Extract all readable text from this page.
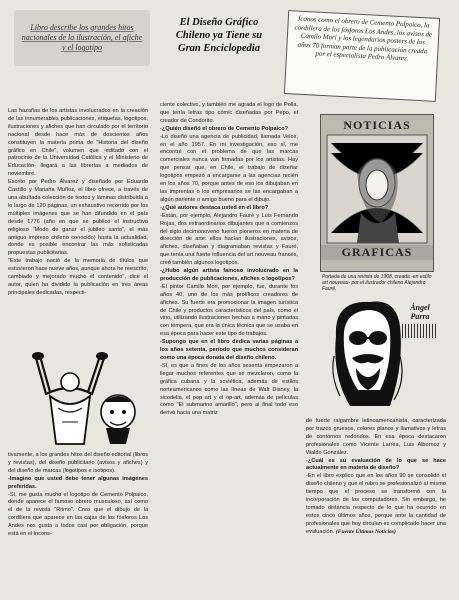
Libro describe los grandes hitos nacionales de la ilustración, el afiche y el logotipo
El Diseño Gráfico Chileno ya Tiene su Gran Enciclopedia
Íconos como el obrero de Cemento Polpaico, la cordillera de los fósforos Los Andes, los avisos de Camilo Mori y los legendarios posters de los años 70 forman parte de la publicación creada por el especialista Pedro Álvarez.

Las hazañas de los artistas involucrados en la creación de las innumerables publicaciones, etiquetas, logotipos, ilustraciones y afiches que han circulado por el territorio nacional desde hace más de doscientos años constituyen la materia prima de "Historia del diseño gráfico en Chile", volumen que -editado con el patrocinio de la Universidad Católica y el Ministerio de Educación- llegará a las librerías a mediados de noviembre.

Escrito por Pedro Álvarez y diseñado por Eduardo Castillo y Mariana Muñoz, el libro ofrece, a través de una abultada colección de textos y láminas distribuida a lo largo de 120 páginas, un exhaustivo recorrido por los múltiples imágenes que se han difundido en el país desde 1776 (año en que se publicó el instructivo religioso "Modo de ganar el jubileo santo", el más antiguo impreso chileno conocido) hasta la actualidad, donde es posible encontrar las más sofisticadas propuestas publicitarias.

"Este trabajo nació de la memoria de títulos que estuvieron hace nueve años, aunque ahora he reescrito, cambiado y mejorado mucho el contenido", dice el autor, quien ha dividido la publicación en tres áreas principales dedicadas, respecti-

tivamente, a los grandes hitos del diseño editorial (libros y revistas), del diseño publicitario (avisos y afiches) y del diseño de marcas (logotipos e isotipos).

-Imagino que usted debe tener algunas imágenes preferidas.

-Sí, me gusta mucho el logotipo de Cemento Polpaico, donde aparece el famoso obrero musculoso, así como el de la revista "Ritmo". Creo que el dibujo de la cordillera que aparece en las cajas de los fósforos Los Andes nos gusta a todos casi por obligación, porque está en el incons-

ciente colectivo, y también me agrada el logo de Polla, que tenía letras tipo cómic diseñadas por Pepo, el creador de Condorito.

-¿Quién diseñó el obrero de Cemento Polpaico?

-Lo diseñó una agencia de publicidad, llamada Velox, en el año 1957. En mi investigación, eso sí, me encontré con el problema de que las marcas comerciales nunca van firmadas por los artistas. Hay que pensar que, en Chile, el trabajo de diseñar logotipos empezó a encargarse a las agencias recién en los años 70, porque antes de eso los dibujaban en las imprentas o los empresarios se las encargaban a algún pariente o amigo bueno para el dibujo.

-¿Qué autores destaca usted en el libro?

-Están, por ejemplo, Alejandro Fauré y Luis Fernando Rojas, dos extraordinarios dibujantes que a comienzos del siglo decimonoveno fueron pioneros en materia de dirección de arte: ellos hacían ilustraciones, avisos, afiches, diseñaban y diagramaban revistas y Fauré, que tenía una fuerte influencia del art nouveau francés, creó también algunos logotipos.

-¿Hubo algún artista famoso involucrado en la producción de publicaciones, afiches o logotipos?

-El pintor Camilo Mori, por ejemplo, fue, durante los años 40, uno de los más prolíficos creadores de afiches. Su fuerte era promocionar la imagen turística de Chile y productos característicos del país, como el vino, utilizando ilustraciones hechas a mano y pintadas con témpera, que era la única técnica que se usaba en esa época para hacer este tipo de trabajos.

-Supongo que en el libro dedica varias páginas a los años setenta, período que muchos consideran como una época dorada del diseño chileno.

-Sí, es que a fines de los años sesenta empezaron a llegar muchos referentes que se mezclaron, como la gráfica cubana y la soviética, además de estilos norteamericanos como las líneas de Walt Disney, la sicodelia, el pop art y el op-art, además de películas como "El submarino amarillo", pero al final todo eso derivó hacia una matriz

NOTICIAS
GRAFICAS
Portada de una revista de 1908, creada -en estilo art nouveau- por el ilustrador chileno Alejandro Fauré.
Ángel
Parra

de fuerte raigambre latinoamericanista, caracterizada por trazos gruesos, colores planos y llamativos y letras de contornos redondos. En esa época destacaron profesionales como Vicente Larrea, Luis Albornoz y Waldo González.

-¿Cuál es su evaluación de lo que se hace actualmente en materia de diseño?

-En el libro explico que en los años 90 se consolidó el diseño chileno y que el rubro se profesionalizó al mismo tiempo que el proceso se transformó con la incorporación de los computadores. Sin embargo, he tomado distancia respecto de lo que ha ocurrido en estos cinco últimos años, porque ante la cantidad de profesionales que hoy circulan es complicado hacer una evaluación. (Fuente Últimas Noticias)
